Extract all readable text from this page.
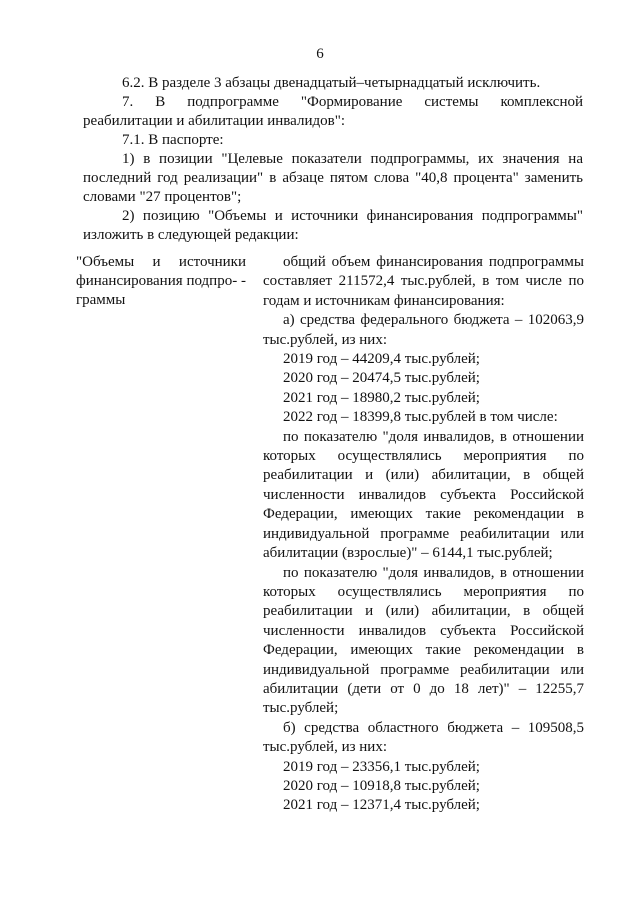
6

6.2. В разделе 3 абзацы двенадцатый–четырнадцатый исключить.

7. В подпрограмме "Формирование системы комплексной реабилитации и абилитации инвалидов":

7.1. В паспорте:

1) в позиции "Целевые показатели подпрограммы, их значения на последний год реализации" в абзаце пятом слова "40,8 процента" заменить словами "27 процентов";

2) позицию "Объемы и источники финансирования подпрограммы" изложить в следующей редакции:

"Объемы и источники
финансирования подпро- -
граммы

общий объем финансирования подпрограммы составляет 211572,4 тыс.рублей, в том числе по годам и источникам финансирования:

а) средства федерального бюджета – 102063,9 тыс.рублей, из них:

2019 год – 44209,4 тыс.рублей;

2020 год – 20474,5 тыс.рублей;

2021 год – 18980,2 тыс.рублей;

2022 год – 18399,8 тыс.рублей в том числе:

по показателю "доля инвалидов, в отношении которых осуществлялись мероприятия по реабилитации и (или) абилитации, в общей численности инвалидов субъекта Российской Федерации, имеющих такие рекомендации в индивидуальной программе реабилитации или абилитации (взрослые)" – 6144,1 тыс.рублей;

по показателю "доля инвалидов, в отношении которых осуществлялись мероприятия по реабилитации и (или) абилитации, в общей численности инвалидов субъекта Российской Федерации, имеющих такие рекомендации в индивидуальной программе реабилитации или абилитации (дети от 0 до 18 лет)" – 12255,7 тыс.рублей;

б) средства областного бюджета – 109508,5 тыс.рублей, из них:

2019 год – 23356,1 тыс.рублей;

2020 год – 10918,8 тыс.рублей;

2021 год – 12371,4 тыс.рублей;
